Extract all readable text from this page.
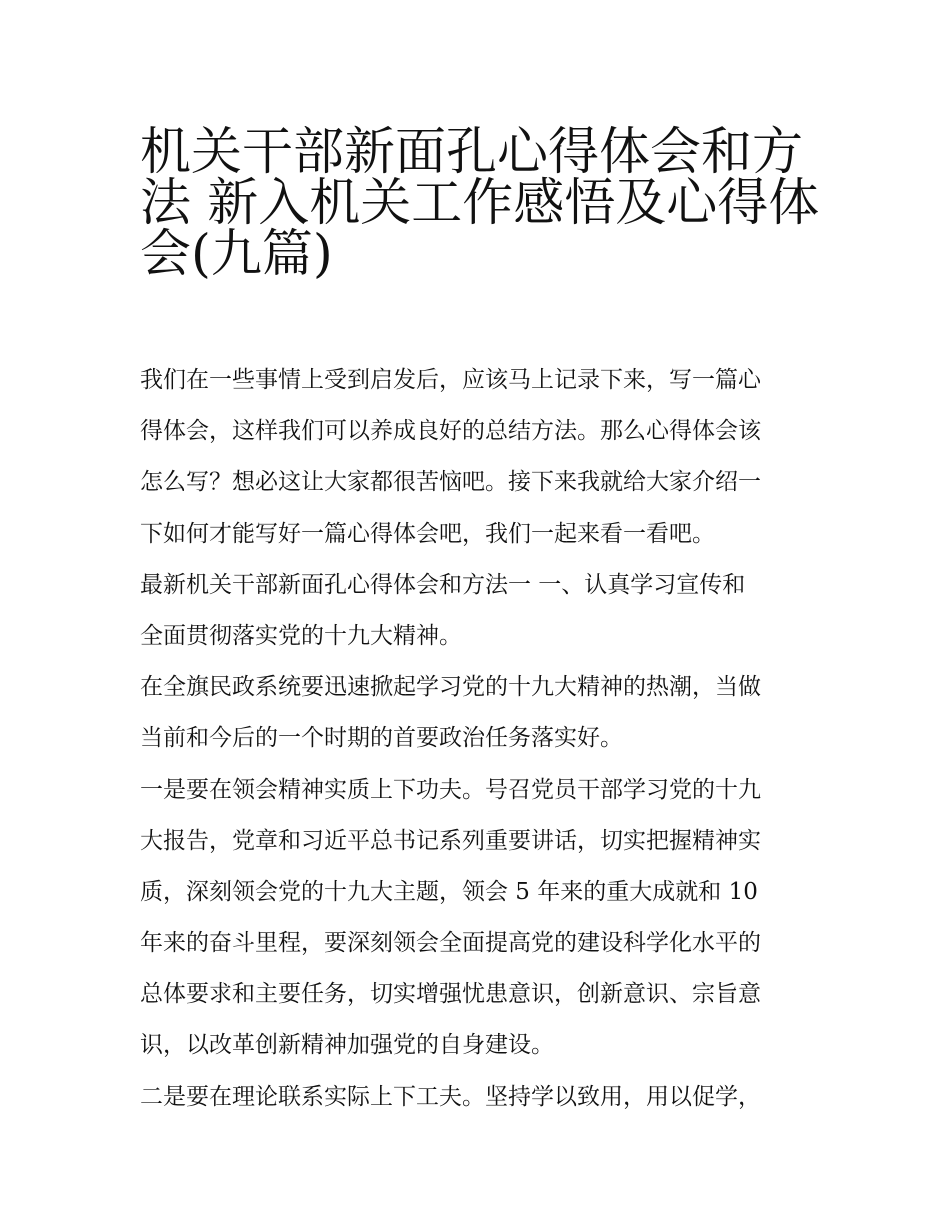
机关干部新面孔心得体会和方
法 新入机关工作感悟及心得体
会(九篇)

我们在一些事情上受到启发后，应该马上记录下来，写一篇心
得体会，这样我们可以养成良好的总结方法。那么心得体会该
怎么写？想必这让大家都很苦恼吧。接下来我就给大家介绍一
下如何才能写好一篇心得体会吧，我们一起来看一看吧。

最新机关干部新面孔心得体会和方法一 一、认真学习宣传和
全面贯彻落实党的十九大精神。

在全旗民政系统要迅速掀起学习党的十九大精神的热潮，当做
当前和今后的一个时期的首要政治任务落实好。

一是要在领会精神实质上下功夫。号召党员干部学习党的十九
大报告，党章和习近平总书记系列重要讲话，切实把握精神实
质，深刻领会党的十九大主题，领会 5 年来的重大成就和 10
年来的奋斗里程，要深刻领会全面提高党的建设科学化水平的
总体要求和主要任务，切实增强忧患意识，创新意识、宗旨意
识，以改革创新精神加强党的自身建设。

二是要在理论联系实际上下工夫。坚持学以致用，用以促学，
